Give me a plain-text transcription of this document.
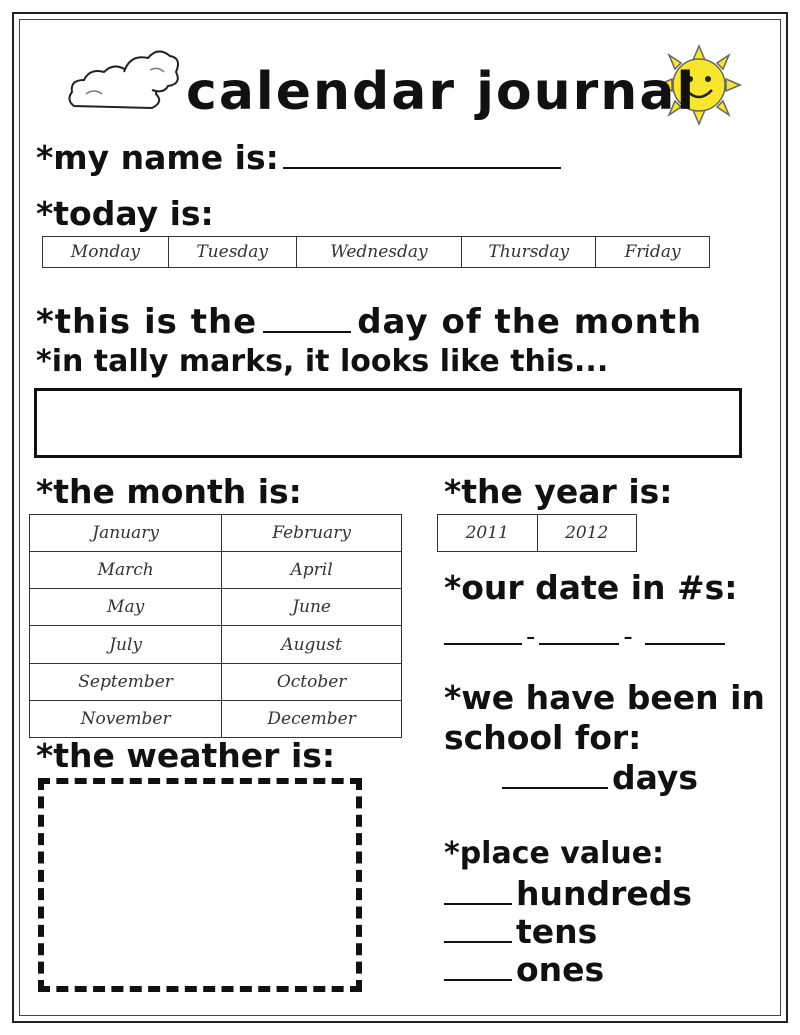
calendar journal
*my name is:
*today is:
Monday	Tuesday	Wednesday	Thursday	Friday
*this is the	day of the month
*in tally marks, it looks like this...
*the month is:
January	February
March	April
May	June
July	August
September	October
November	December
*the weather is:
*the year is:
2011	2012
*our date in #s:
-	-
*we have been in
school for:
days
*place value:
hundreds
tens
ones
